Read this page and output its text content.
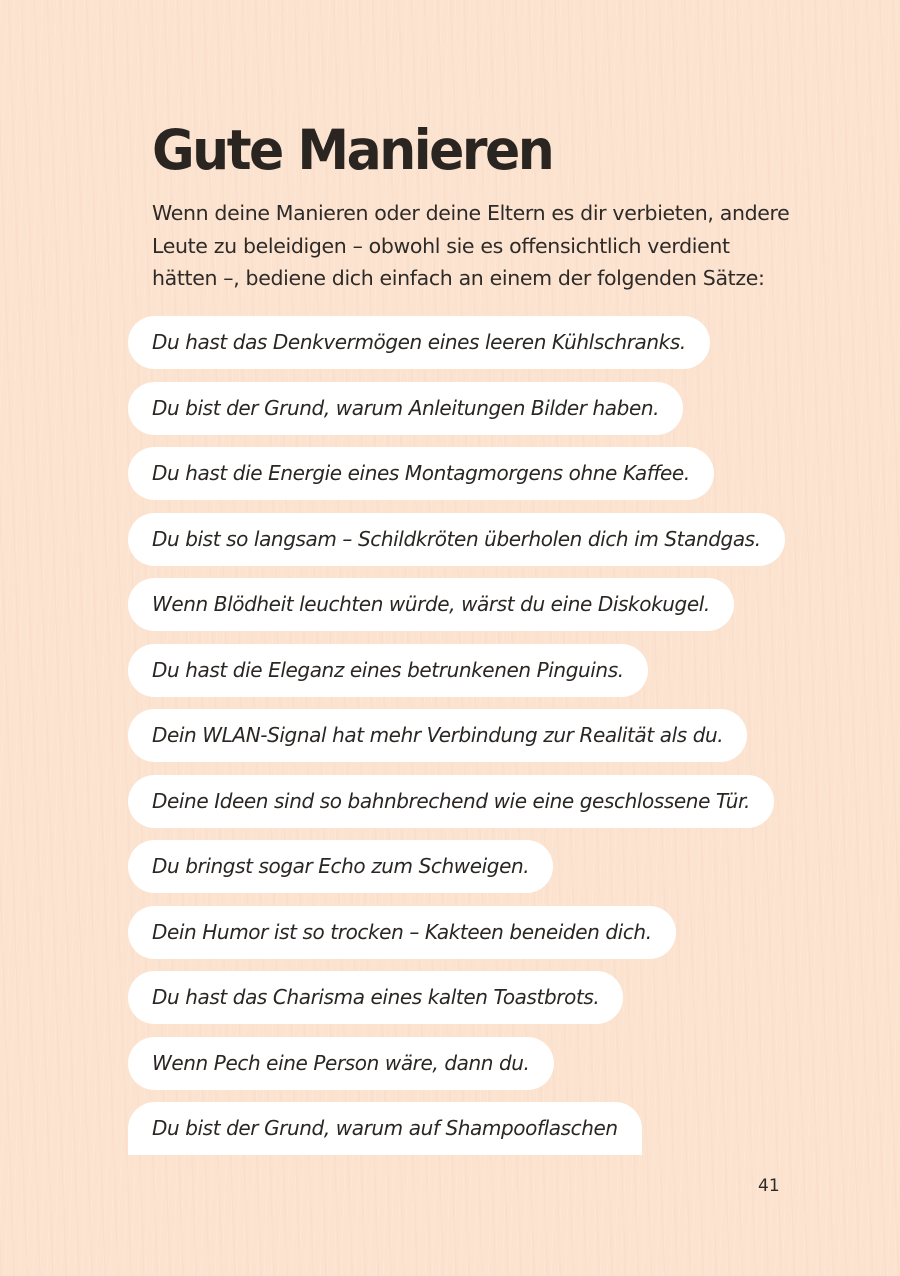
Gute Manieren

Wenn deine Manieren oder deine Eltern es dir verbieten, andere Leute zu beleidigen – obwohl sie es offensichtlich verdient hätten –, bediene dich einfach an einem der folgenden Sätze:

Du hast das Denkvermögen eines leeren Kühlschranks.
Du bist der Grund, warum Anleitungen Bilder haben.
Du hast die Energie eines Montagmorgens ohne Kaffee.
Du bist so langsam – Schildkröten überholen dich im Standgas.
Wenn Blödheit leuchten würde, wärst du eine Diskokugel.
Du hast die Eleganz eines betrunkenen Pinguins.
Dein WLAN-Signal hat mehr Verbindung zur Realität als du.
Deine Ideen sind so bahnbrechend wie eine geschlossene Tür.
Du bringst sogar Echo zum Schweigen.
Dein Humor ist so trocken – Kakteen beneiden dich.
Du hast das Charisma eines kalten Toastbrots.
Wenn Pech eine Person wäre, dann du.
Du bist der Grund, warum auf Shampooflaschen
41
